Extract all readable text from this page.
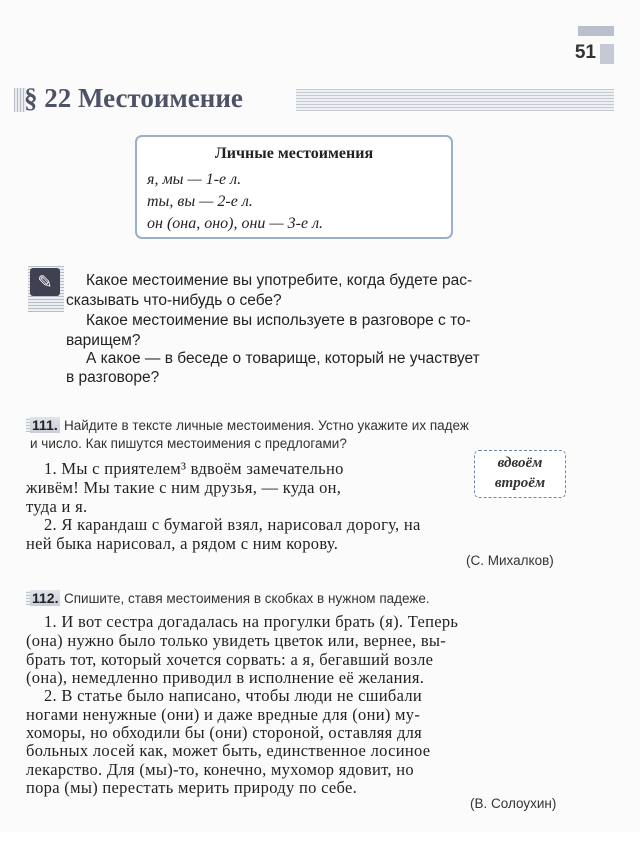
51
§ 22 Местоимение
Личные местоимения
я, мы — 1-е л.
ты, вы — 2-е л.
он (она, оно), они — 3-е л.
✎	Какое местоимение вы употребите, когда будете рас-
сказывать что-нибудь о себе?
Какое местоимение вы используете в разговоре с то-
варищем?
А какое — в беседе о товарище, который не участвует
в разговоре?
111. Найдите в тексте личные местоимения. Устно укажите их падеж
и число. Как пишутся местоимения с предлогами?
1. Мы с приятелем³ вдвоём замечательно
живём! Мы такие с ним друзья, — куда он,
туда и я.
2. Я карандаш с бумагой взял, нарисовал дорогу, на
ней быка нарисовал, а рядом с ним корову.
(С. Михалков)
вдвоём
втроём
112. Спишите, ставя местоимения в скобках в нужном падеже.
1. И вот сестра догадалась на прогулки брать (я). Теперь
(она) нужно было только увидеть цветок или, вернее, вы-
брать тот, который хочется сорвать: а я, бегавший возле
(она), немедленно приводил в исполнение её желания.
2. В статье было написано, чтобы люди не сшибали
ногами ненужные (они) и даже вредные для (они) му-
хоморы, но обходили бы (они) стороной, оставляя для
больных лосей как, может быть, единственное лосиное
лекарство. Для (мы)-то, конечно, мухомор ядовит, но
пора (мы) перестать мерить природу по себе.
(В. Солоухин)
